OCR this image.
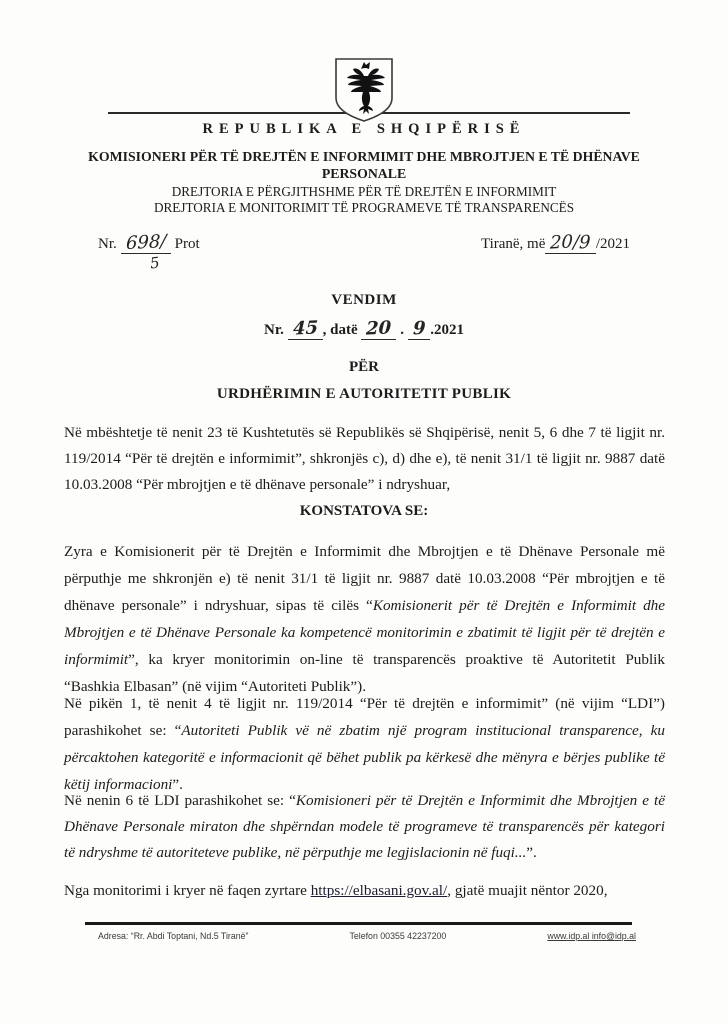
REPUBLIKA E SHQIPËRISË
KOMISIONERI PËR TË DREJTËN E INFORMIMIT DHE MBROJTJEN E TË DHËNAVE PERSONALE
DREJTORIA E PËRGJITHSHME PËR TË DREJTËN E INFORMIMIT
DREJTORIA E MONITORIMIT TË PROGRAMEVE TË TRANSPARENCËS
Nr. 698/
5
Prot	Tiranë, më 20/9 /2021
VENDIM
Nr. 45 , datë 20 . 9 .2021
PËR
URDHËRIMIN E AUTORITETIT PUBLIK
Në mbështetje të nenit 23 të Kushtetutës së Republikës së Shqipërisë, nenit 5, 6 dhe 7 të ligjit nr. 119/2014 “Për të drejtën e informimit”, shkronjës c), d) dhe e), të nenit 31/1 të ligjit nr. 9887 datë 10.03.2008 “Për mbrojtjen e të dhënave personale” i ndryshuar,
KONSTATOVA SE:
Zyra e Komisionerit për të Drejtën e Informimit dhe Mbrojtjen e të Dhënave Personale më përputhje me shkronjën e) të nenit 31/1 të ligjit nr. 9887 datë 10.03.2008 “Për mbrojtjen e të dhënave personale” i ndryshuar, sipas të cilës “Komisionerit për të Drejtën e Informimit dhe Mbrojtjen e të Dhënave Personale ka kompetencë monitorimin e zbatimit të ligjit për të drejtën e informimit”, ka kryer monitorimin on-line të transparencës proaktive të Autoritetit Publik “Bashkia Elbasan” (në vijim “Autoriteti Publik”).
Në pikën 1, të nenit 4 të ligjit nr. 119/2014 “Për të drejtën e informimit” (në vijim “LDI”) parashikohet se: “Autoriteti Publik vë në zbatim një program institucional transparence, ku përcaktohen kategoritë e informacionit që bëhet publik pa kërkesë dhe mënyra e bërjes publike të këtij informacioni”.
Në nenin 6 të LDI parashikohet se: “Komisioneri për të Drejtën e Informimit dhe Mbrojtjen e të Dhënave Personale miraton dhe shpërndan modele të programeve të transparencës për kategori të ndryshme të autoriteteve publike, në përputhje me legjislacionin në fuqi...”.
Nga monitorimi i kryer në faqen zyrtare https://elbasani.gov.al/, gjatë muajit nëntor 2020,
Adresa: “Rr. Abdi Toptani, Nd.5 Tiranë”	Telefon 00355 42237200	www.idp.al info@idp.al
